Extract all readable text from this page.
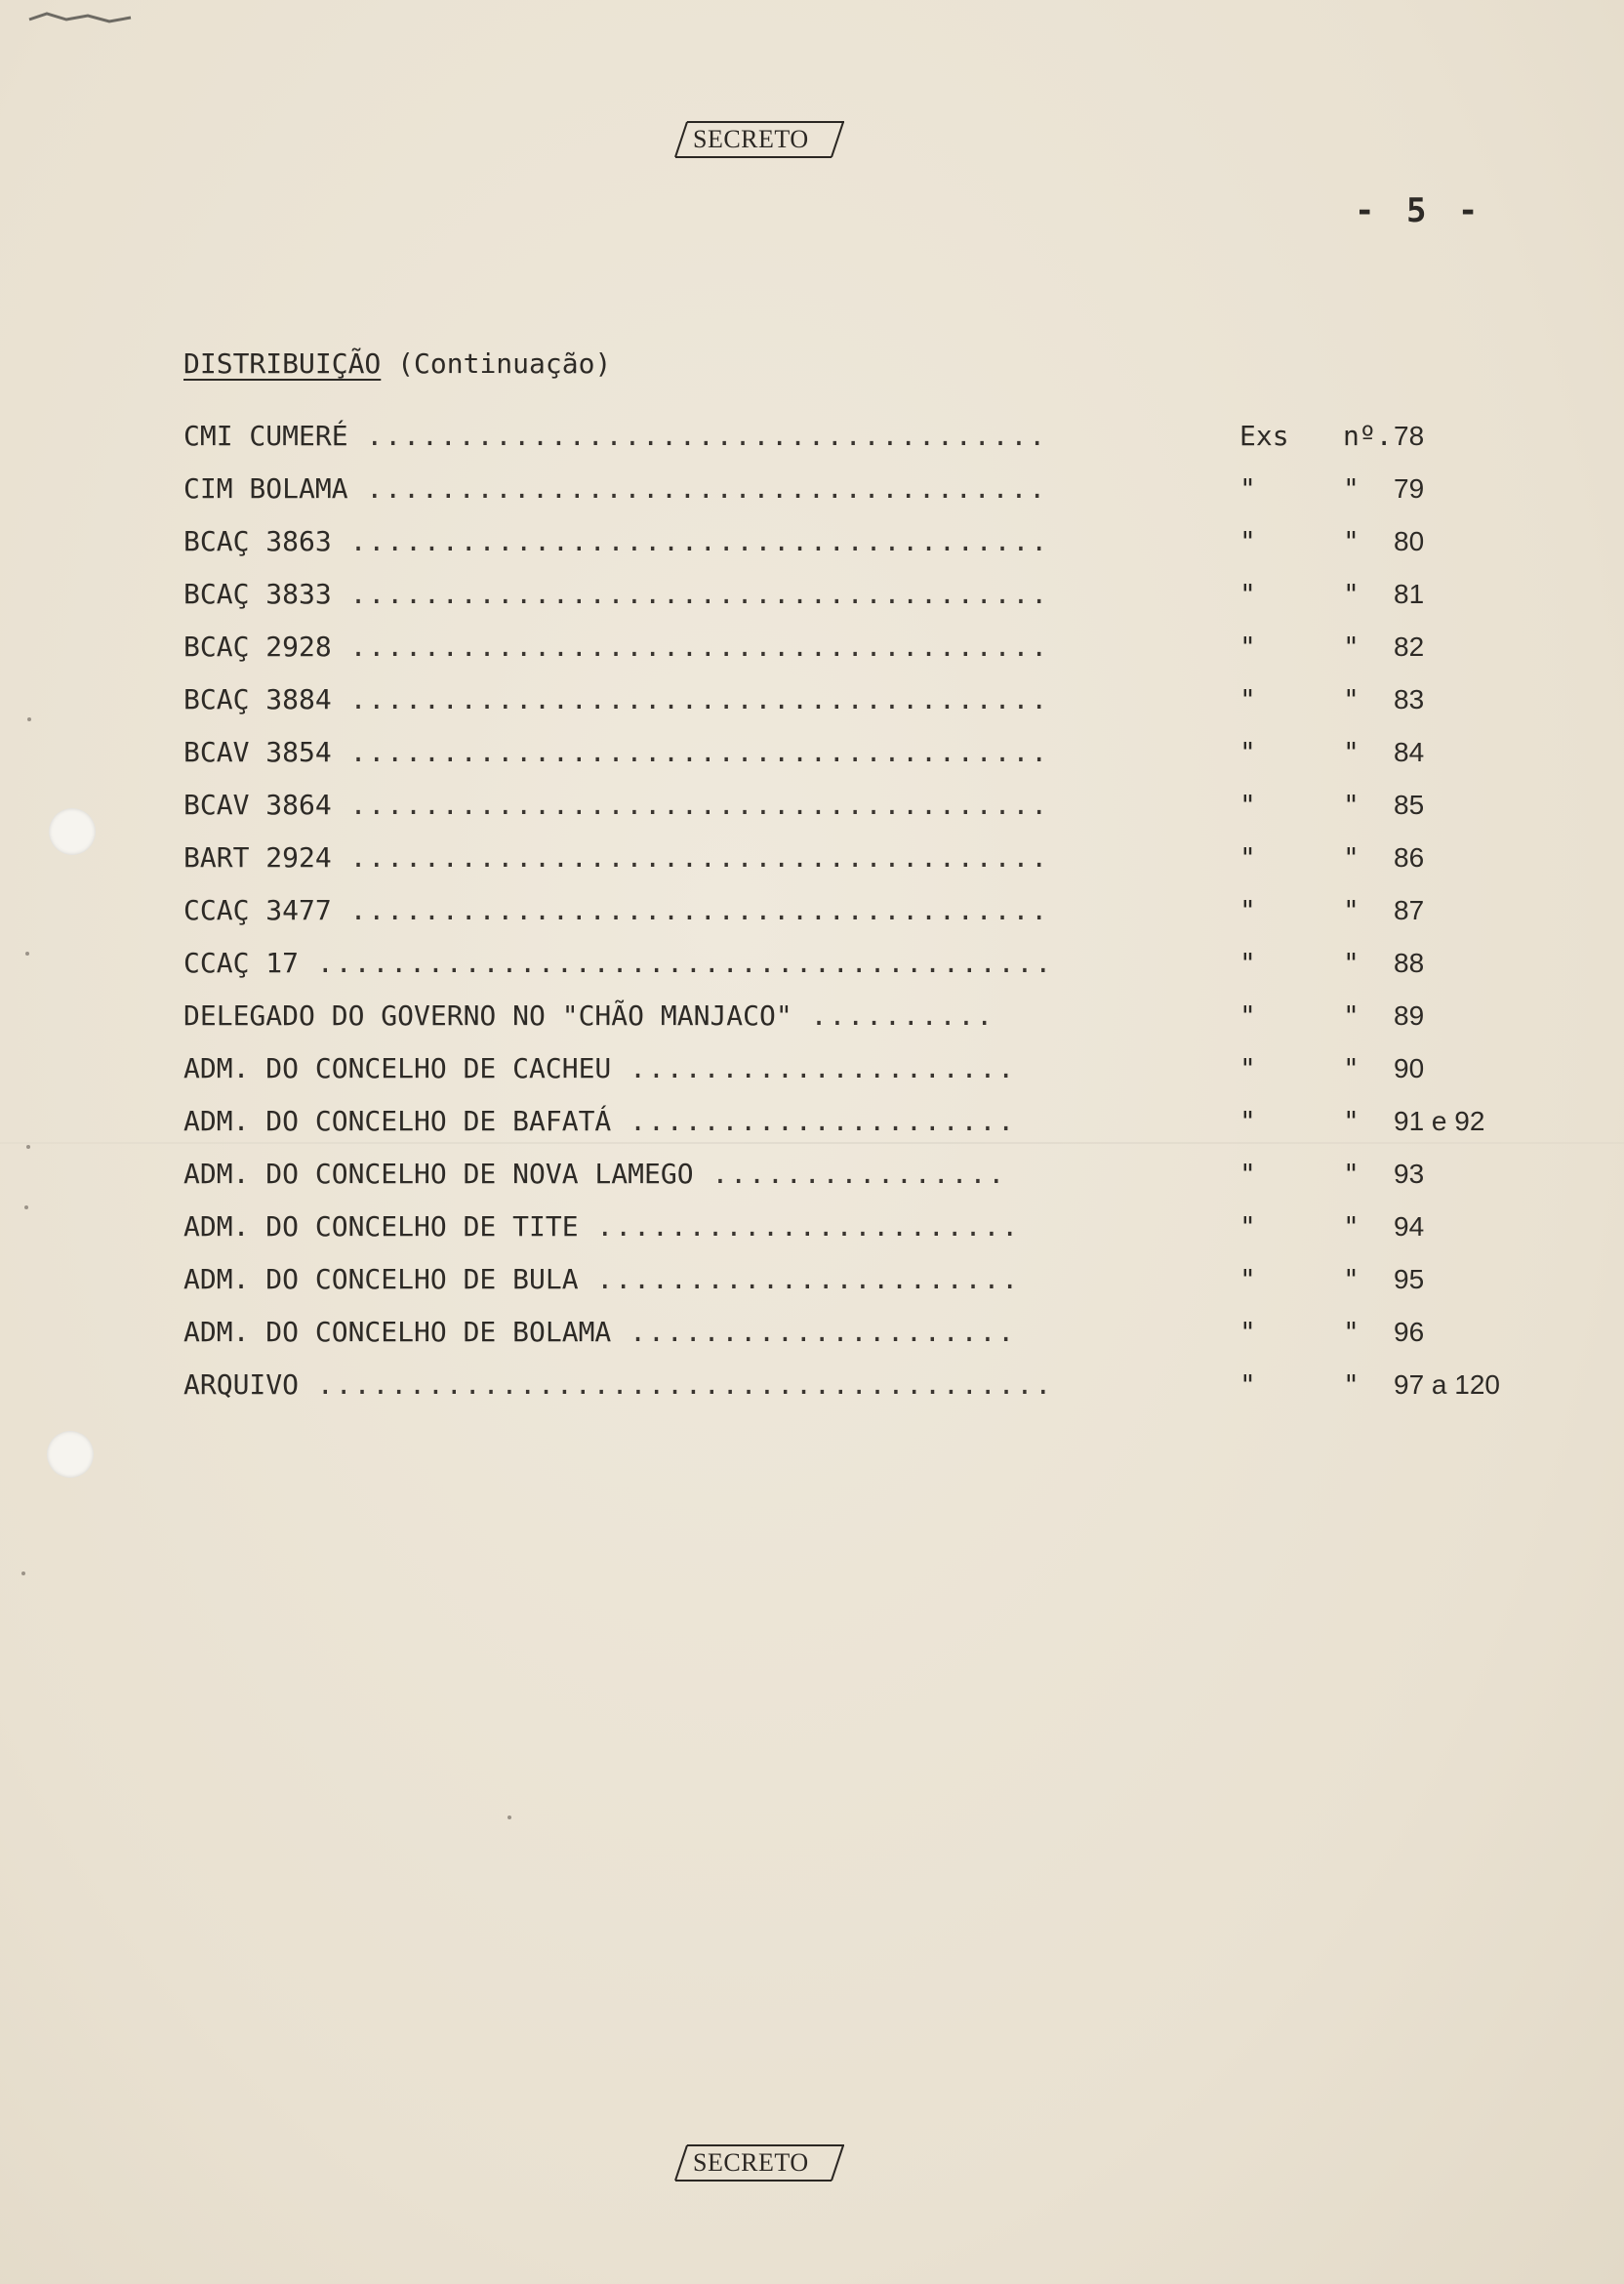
SECRETO
- 5 -
DISTRIBUIÇÃO (Continuação)
CMI CUMERÉ .....................................	Exs nº. 78
CIM BOLAMA .....................................	"	" 79
BCAÇ 3863 ......................................	"	" 80
BCAÇ 3833 ......................................	"	" 81
BCAÇ 2928 ......................................	"	" 82
BCAÇ 3884 ......................................	"	" 83
BCAV 3854 ......................................	"	" 84
BCAV 3864 ......................................	"	" 85
BART 2924 ......................................	"	" 86
CCAÇ 3477 ......................................	"	" 87
CCAÇ 17 ........................................	"	" 88
DELEGADO DO GOVERNO NO "CHÃO MANJACO" ..........	"	" 89
ADM. DO CONCELHO DE CACHEU .....................	"	" 90
ADM. DO CONCELHO DE BAFATÁ .....................	"	" 91 e 92
ADM. DO CONCELHO DE NOVA LAMEGO ................	"	" 93
ADM. DO CONCELHO DE TITE .......................	"	" 94
ADM. DO CONCELHO DE BULA .......................	"	" 95
ADM. DO CONCELHO DE BOLAMA .....................	"	" 96
ARQUIVO ........................................	"	" 97 a 120
SECRETO
